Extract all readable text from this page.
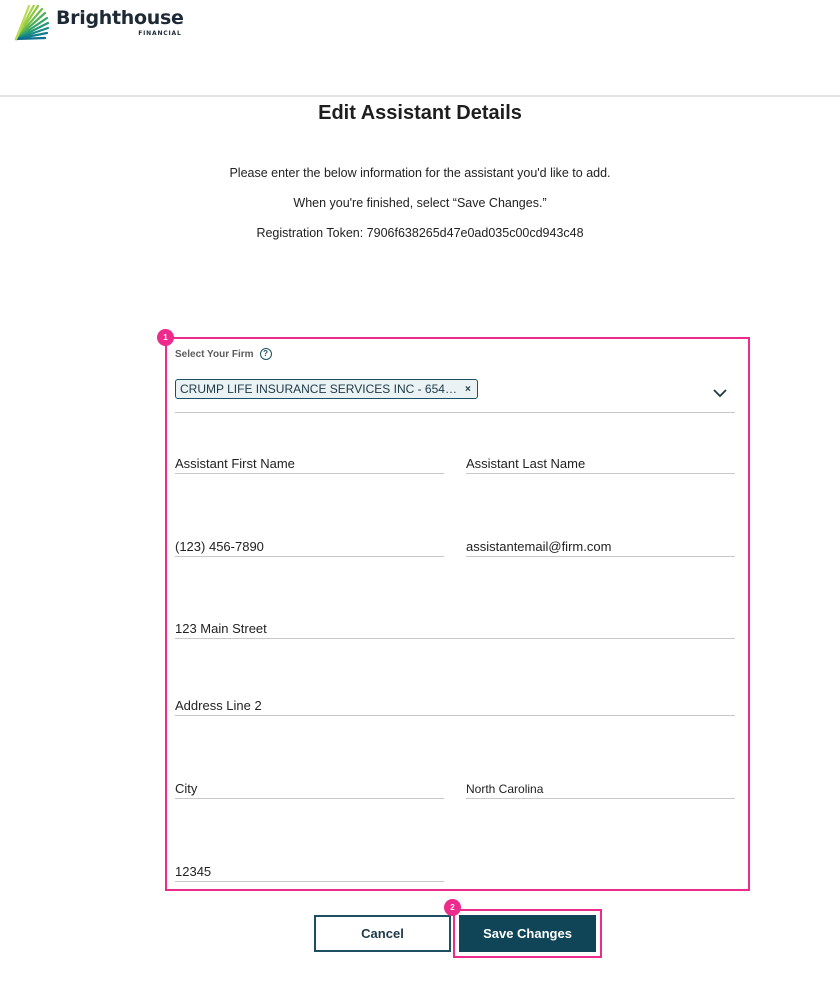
Brighthouse
FINANCIAL
Edit Assistant Details

Please enter the below information for the assistant you'd like to add.

When you're finished, select “Save Changes.”

Registration Token: 7906f638265d47e0ad035c00cd943c48

1
Select Your Firm	?
CRUMP LIFE INSURANCE SERVICES INC - 654… ×
Assistant First Name	Assistant Last Name
(123) 456-7890	assistantemail@firm.com
123 Main Street
Address Line 2
City	North Carolina
12345
Cancel
2
Save Changes
